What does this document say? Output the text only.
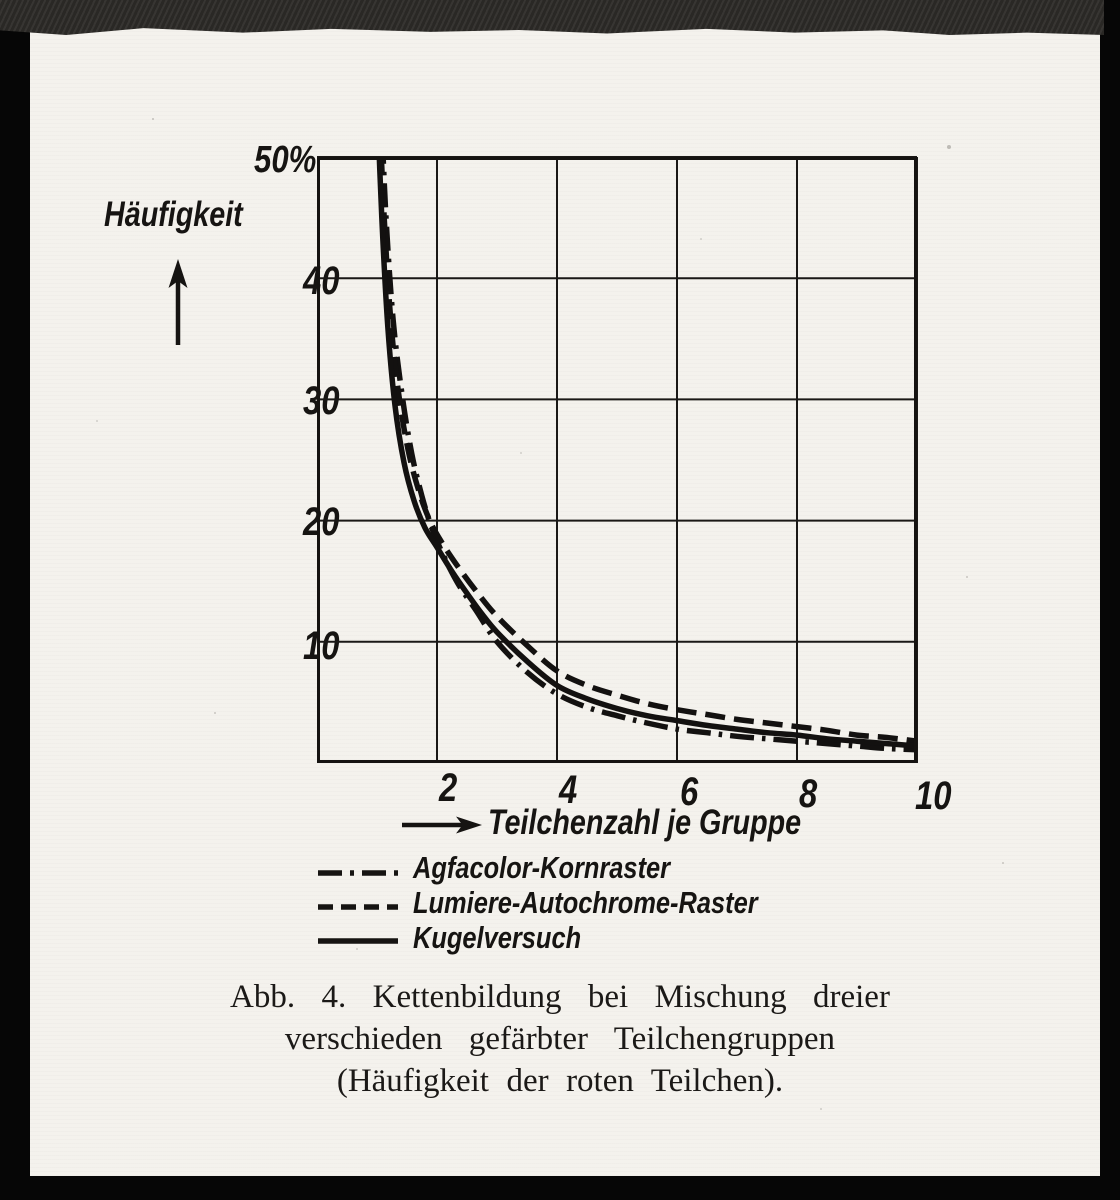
50%
Häufigkeit
40
30
20
10
2	4	6	8 10
Teilchenzahl je Gruppe
Agfacolor-Kornraster
Lumiere-Autochrome-Raster
Kugelversuch
Abb. 4. Kettenbildung bei Mischung dreier
verschieden gefärbter Teilchengruppen
(Häufigkeit der roten Teilchen).
